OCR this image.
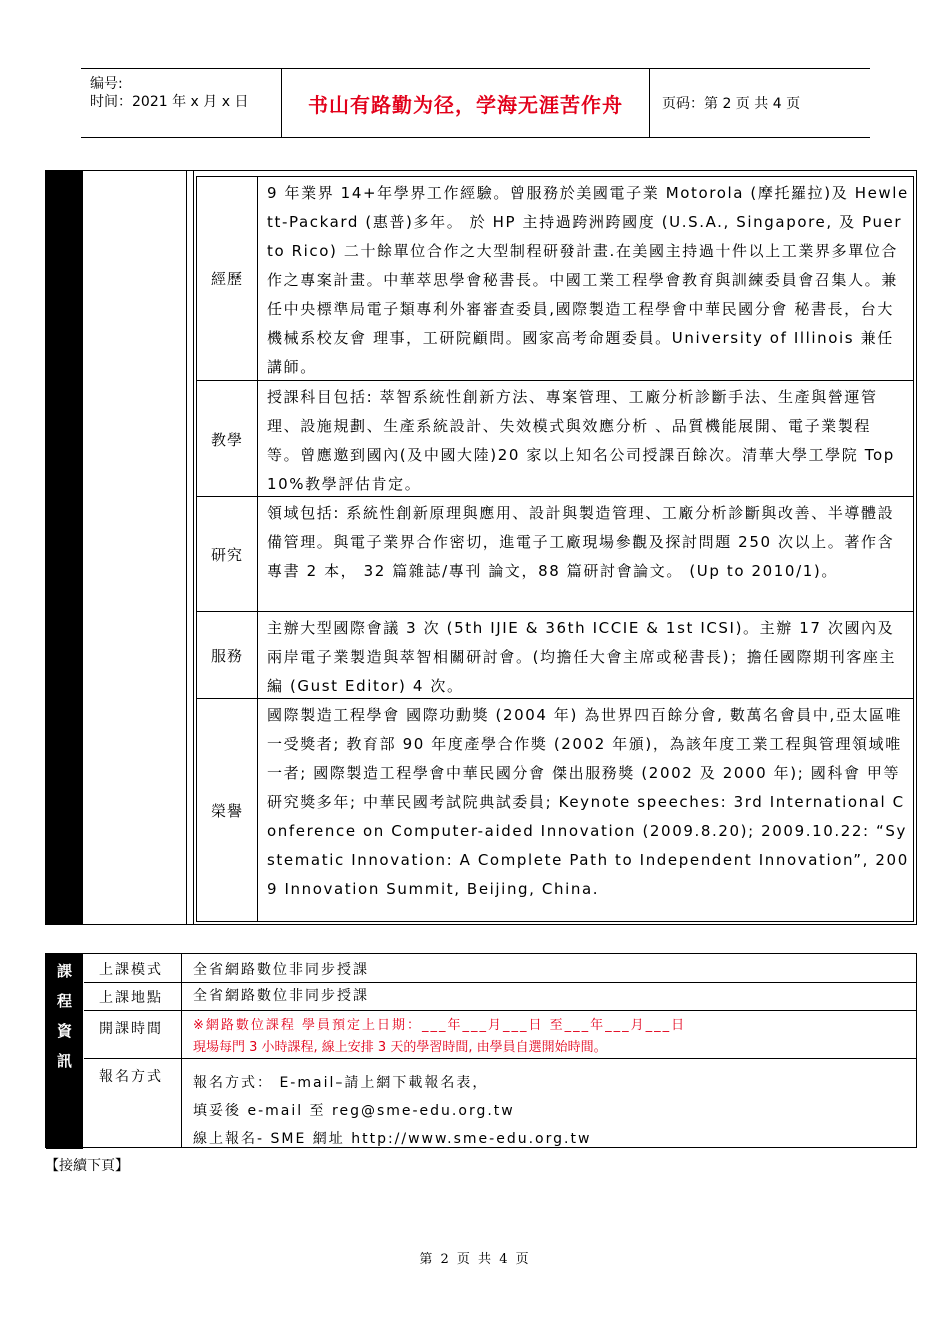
编号:
时间：2021 年 x 月 x 日	书山有路勤为径，学海无涯苦作舟	页码：第 2 页 共 4 页
經歷
9 年業界 14+年學界工作經驗。曾服務於美國電子業 Motorola (摩托羅拉)及 Hewlett-Packard (惠普)多年。 於 HP 主持過跨洲跨國度 (U.S.A., Singapore, 及 Puerto Rico) 二十餘單位合作之大型制程研發計畫.在美國主持過十件以上工業界多單位合作之專案計畫。中華萃思學會秘書長。中國工業工程學會教育與訓練委員會召集人。兼任中央標準局電子類專利外審審查委員,國際製造工程學會中華民國分會 秘書長，台大機械系校友會 理事，工研院顧問。國家高考命題委員。University of Illinois 兼任講師。
教學
授課科目包括: 萃智系統性創新方法、專案管理、工廠分析診斷手法、生產與營運管理、設施規劃、生產系統設計、失效模式與效應分析 、品質機能展開、電子業製程 等。曾應邀到國內(及中國大陸)20 家以上知名公司授課百餘次。清華大學工學院 Top 10%教學評估肯定。
研究
領域包括: 系統性創新原理與應用、設計與製造管理、工廠分析診斷與改善、半導體設備管理。與電子業界合作密切，進電子工廠現場參觀及探討問題 250 次以上。著作含專書 2 本， 32 篇雜誌/專刊 論文，88 篇研討會論文。 (Up to 2010/1)。
服務
主辦大型國際會議 3 次 (5th IJIE & 36th ICCIE & 1st ICSI)。主辦 17 次國內及兩岸電子業製造與萃智相關研討會。(均擔任大會主席或秘書長)；擔任國際期刊客座主編 (Gust Editor) 4 次。
榮譽
國際製造工程學會 國際功勳獎 (2004 年) 為世界四百餘分會, 數萬名會員中,亞太區唯一受獎者; 教育部 90 年度產學合作獎 (2002 年頒)，為該年度工業工程與管理領域唯一者; 國際製造工程學會中華民國分會 傑出服務獎 (2002 及 2000 年); 國科會 甲等研究獎多年; 中華民國考試院典試委員; Keynote speeches: 3rd International Conference on Computer-aided Innovation (2009.8.20); 2009.10.22: “Systematic Innovation: A Complete Path to Independent Innovation”, 2009 Innovation Summit, Beijing, China.
課
程
資
訊
上課模式 全省網路數位非同步授課
上課地點 全省網路數位非同步授課
開課時間 ※網路數位課程 學員預定上日期：___年___月___日 至___年___月___日
現場每門 3 小時課程, 線上安排 3 天的學習時間, 由學員自選開始時間。
報名方式 報名方式： E-mail–請上網下載報名表，
填妥後 e-mail 至 reg@sme-edu.org.tw
線上報名- SME 網址 http://www.sme-edu.org.tw
【接續下頁】
第 2 页 共 4 页
